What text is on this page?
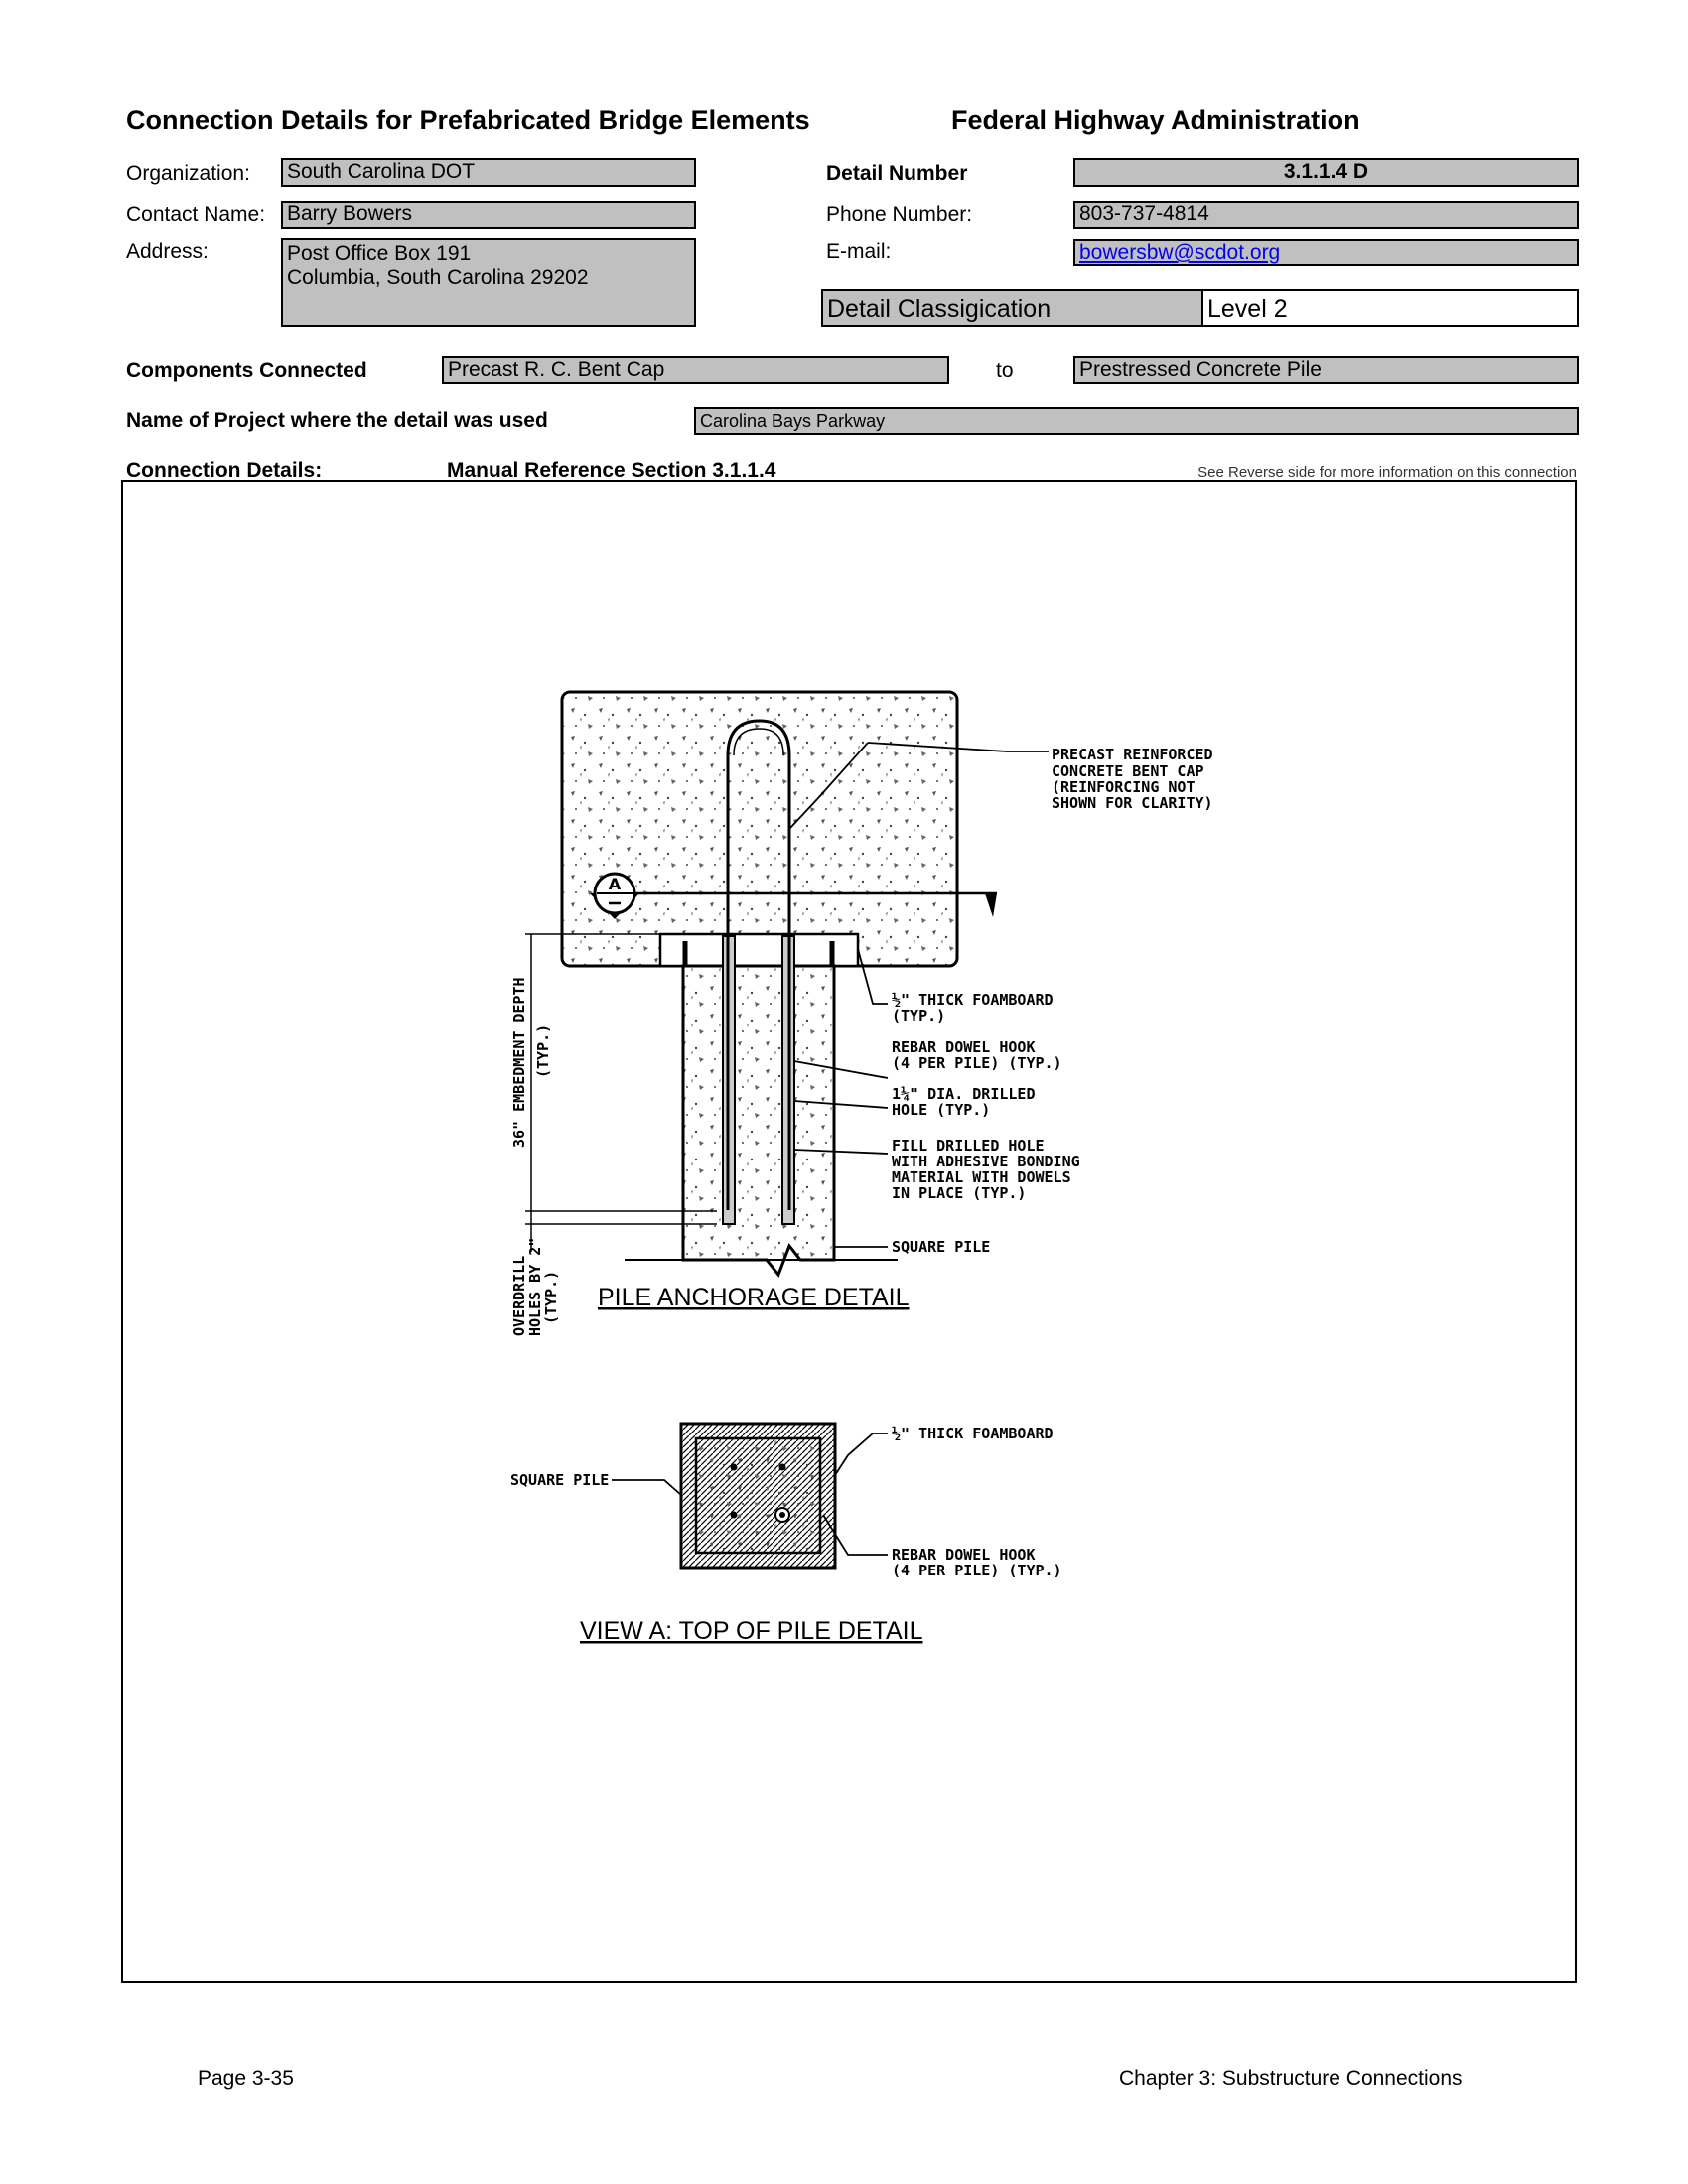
Connection Details for Prefabricated Bridge Elements	Federal Highway Administration
Organization: South Carolina DOT
Contact Name: Barry Bowers
Address:	Post Office Box 191
Columbia, South Carolina 29202
Detail Number	3.1.1.4 D
Phone Number:	803-737-4814
E-mail:	bowersbw@scdot.org
Detail Classigication	Level 2
Components Connected	Precast R. C. Bent Cap	to	Prestressed Concrete Pile
Name of Project where the detail was used	Carolina Bays Parkway
Connection Details:	Manual Reference Section 3.1.1.4	See Reverse side for more information on this connection
A
36" EMBEDMENT DEPTH (TYP.)
OVERDRILL
HOLES BY 2"
(TYP.)
PRECAST REINFORCED
CONCRETE BENT CAP
(REINFORCING NOT
SHOWN FOR CLARITY)
½" THICK FOAMBOARD
(TYP.)
REBAR DOWEL HOOK
(4 PER PILE) (TYP.)
1¼" DIA. DRILLED
HOLE (TYP.)
FILL DRILLED HOLE
WITH ADHESIVE BONDING
MATERIAL WITH DOWELS
IN PLACE (TYP.)
SQUARE PILE
PILE ANCHORAGE DETAIL
SQUARE PILE
½" THICK FOAMBOARD
REBAR DOWEL HOOK
(4 PER PILE) (TYP.)
VIEW A: TOP OF PILE DETAIL
Page 3-35	Chapter 3: Substructure Connections
